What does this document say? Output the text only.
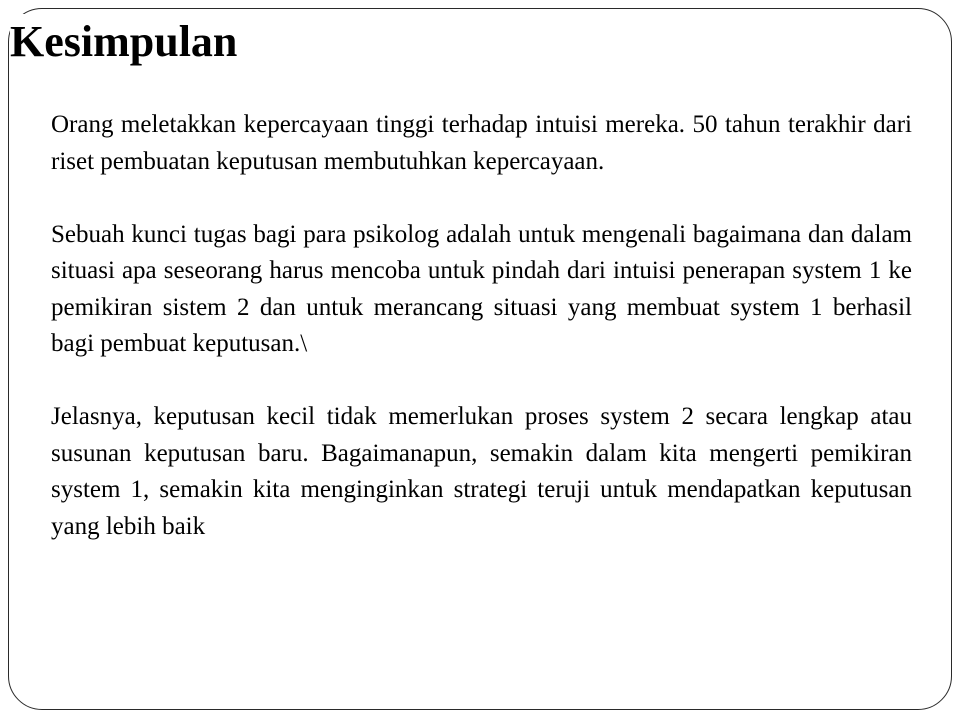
Kesimpulan

Orang meletakkan kepercayaan tinggi terhadap intuisi mereka. 50 tahun terakhir dari riset pembuatan keputusan membutuhkan kepercayaan.

Sebuah kunci tugas bagi para psikolog adalah untuk mengenali bagaimana dan dalam situasi apa seseorang harus mencoba untuk pindah dari intuisi penerapan system 1 ke pemikiran sistem 2 dan untuk merancang situasi yang membuat system 1 berhasil bagi pembuat keputusan.\

Jelasnya, keputusan kecil tidak memerlukan proses system 2 secara lengkap atau susunan keputusan baru. Bagaimanapun, semakin dalam kita mengerti pemikiran system 1, semakin kita menginginkan strategi teruji untuk mendapatkan keputusan yang lebih baik
